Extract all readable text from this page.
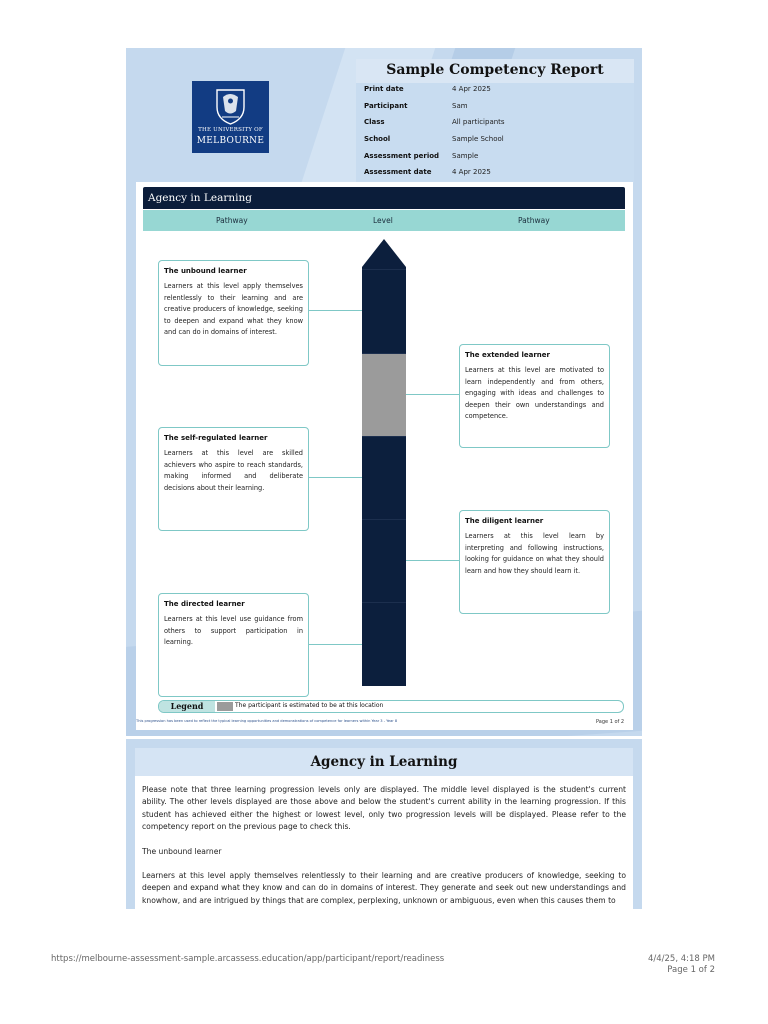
THE UNIVERSITY OF
MELBOURNE
Sample Competency Report
Print date	4 Apr 2025
Participant	Sam
Class	All participants
School	Sample School
Assessment period Sample
Assessment date	4 Apr 2025
Agency in Learning
Pathway	Level	Pathway
The unbound learner
Learners at this level apply themselves relentlessly to their learning and are creative producers of knowledge, seeking to deepen and expand what they know and can do in domains of interest.
The extended learner
Learners at this level are motivated to learn independently and from others, engaging with ideas and challenges to deepen their own understandings and competence.
The self-regulated learner
Learners at this level are skilled achievers who aspire to reach standards, making informed and deliberate decisions about their learning.
The diligent learner
Learners at this level learn by interpreting and following instructions, looking for guidance on what they should learn and how they should learn it.
The directed learner
Learners at this level use guidance from others to support participation in learning.
Legend	The participant is estimated to be at this location
This progression has been used to reflect the typical learning opportunities and demonstrations of competence for learners within Year 3 - Year 8	Page 1 of 2
Agency in Learning

Please note that three learning progression levels only are displayed. The middle level displayed is the student's current ability. The other levels displayed are those above and below the student's current ability in the learning progression. If this student has achieved either the highest or lowest level, only two progression levels will be displayed. Please refer to the competency report on the previous page to check this.

The unbound learner

Learners at this level apply themselves relentlessly to their learning and are creative producers of knowledge, seeking to deepen and expand what they know and can do in domains of interest. They generate and seek out new understandings and knowhow, and are intrigued by things that are complex, perplexing, unknown or ambiguous, even when this causes them to

https://melbourne-assessment-sample.arcassess.education/app/participant/report/readiness	4/4/25, 4:18 PM
Page 1 of 2
